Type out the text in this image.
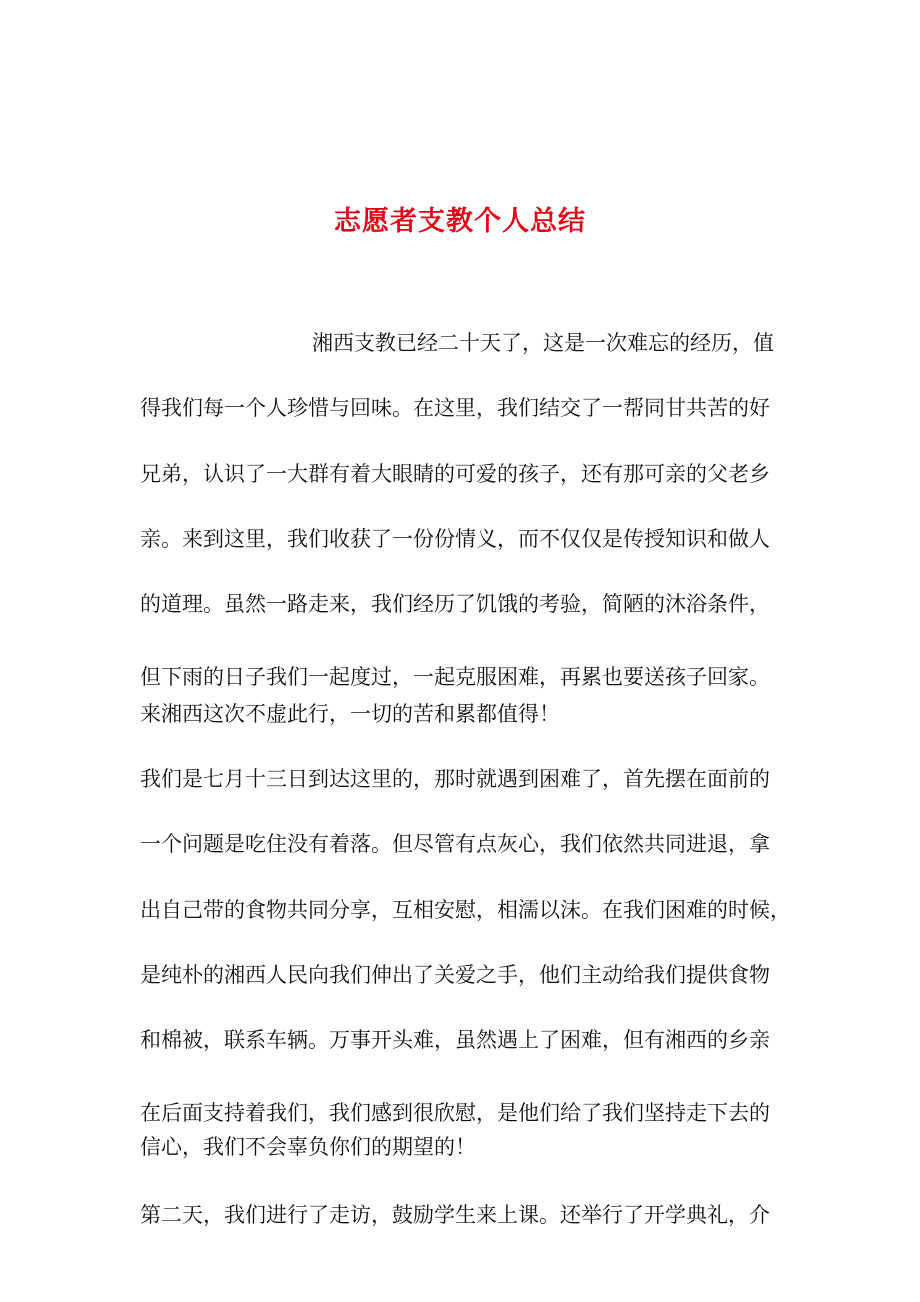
志愿者支教个人总结

湘西支教已经二十天了，这是一次难忘的经历，值

得我们每一个人珍惜与回味。在这里，我们结交了一帮同甘共苦的好

兄弟，认识了一大群有着大眼睛的可爱的孩子，还有那可亲的父老乡

亲。来到这里，我们收获了一份份情义，而不仅仅是传授知识和做人

的道理。虽然一路走来，我们经历了饥饿的考验，简陋的沐浴条件，

但下雨的日子我们一起度过，一起克服困难，再累也要送孩子回家。

来湘西这次不虚此行，一切的苦和累都值得！

我们是七月十三日到达这里的，那时就遇到困难了，首先摆在面前的

一个问题是吃住没有着落。但尽管有点灰心，我们依然共同进退，拿

出自己带的食物共同分享，互相安慰，相濡以沫。在我们困难的时候，

是纯朴的湘西人民向我们伸出了关爱之手，他们主动给我们提供食物

和棉被，联系车辆。万事开头难，虽然遇上了困难，但有湘西的乡亲

在后面支持着我们，我们感到很欣慰，是他们给了我们坚持走下去的

信心，我们不会辜负你们的期望的！

第二天，我们进行了走访，鼓励学生来上课。还举行了开学典礼，介
